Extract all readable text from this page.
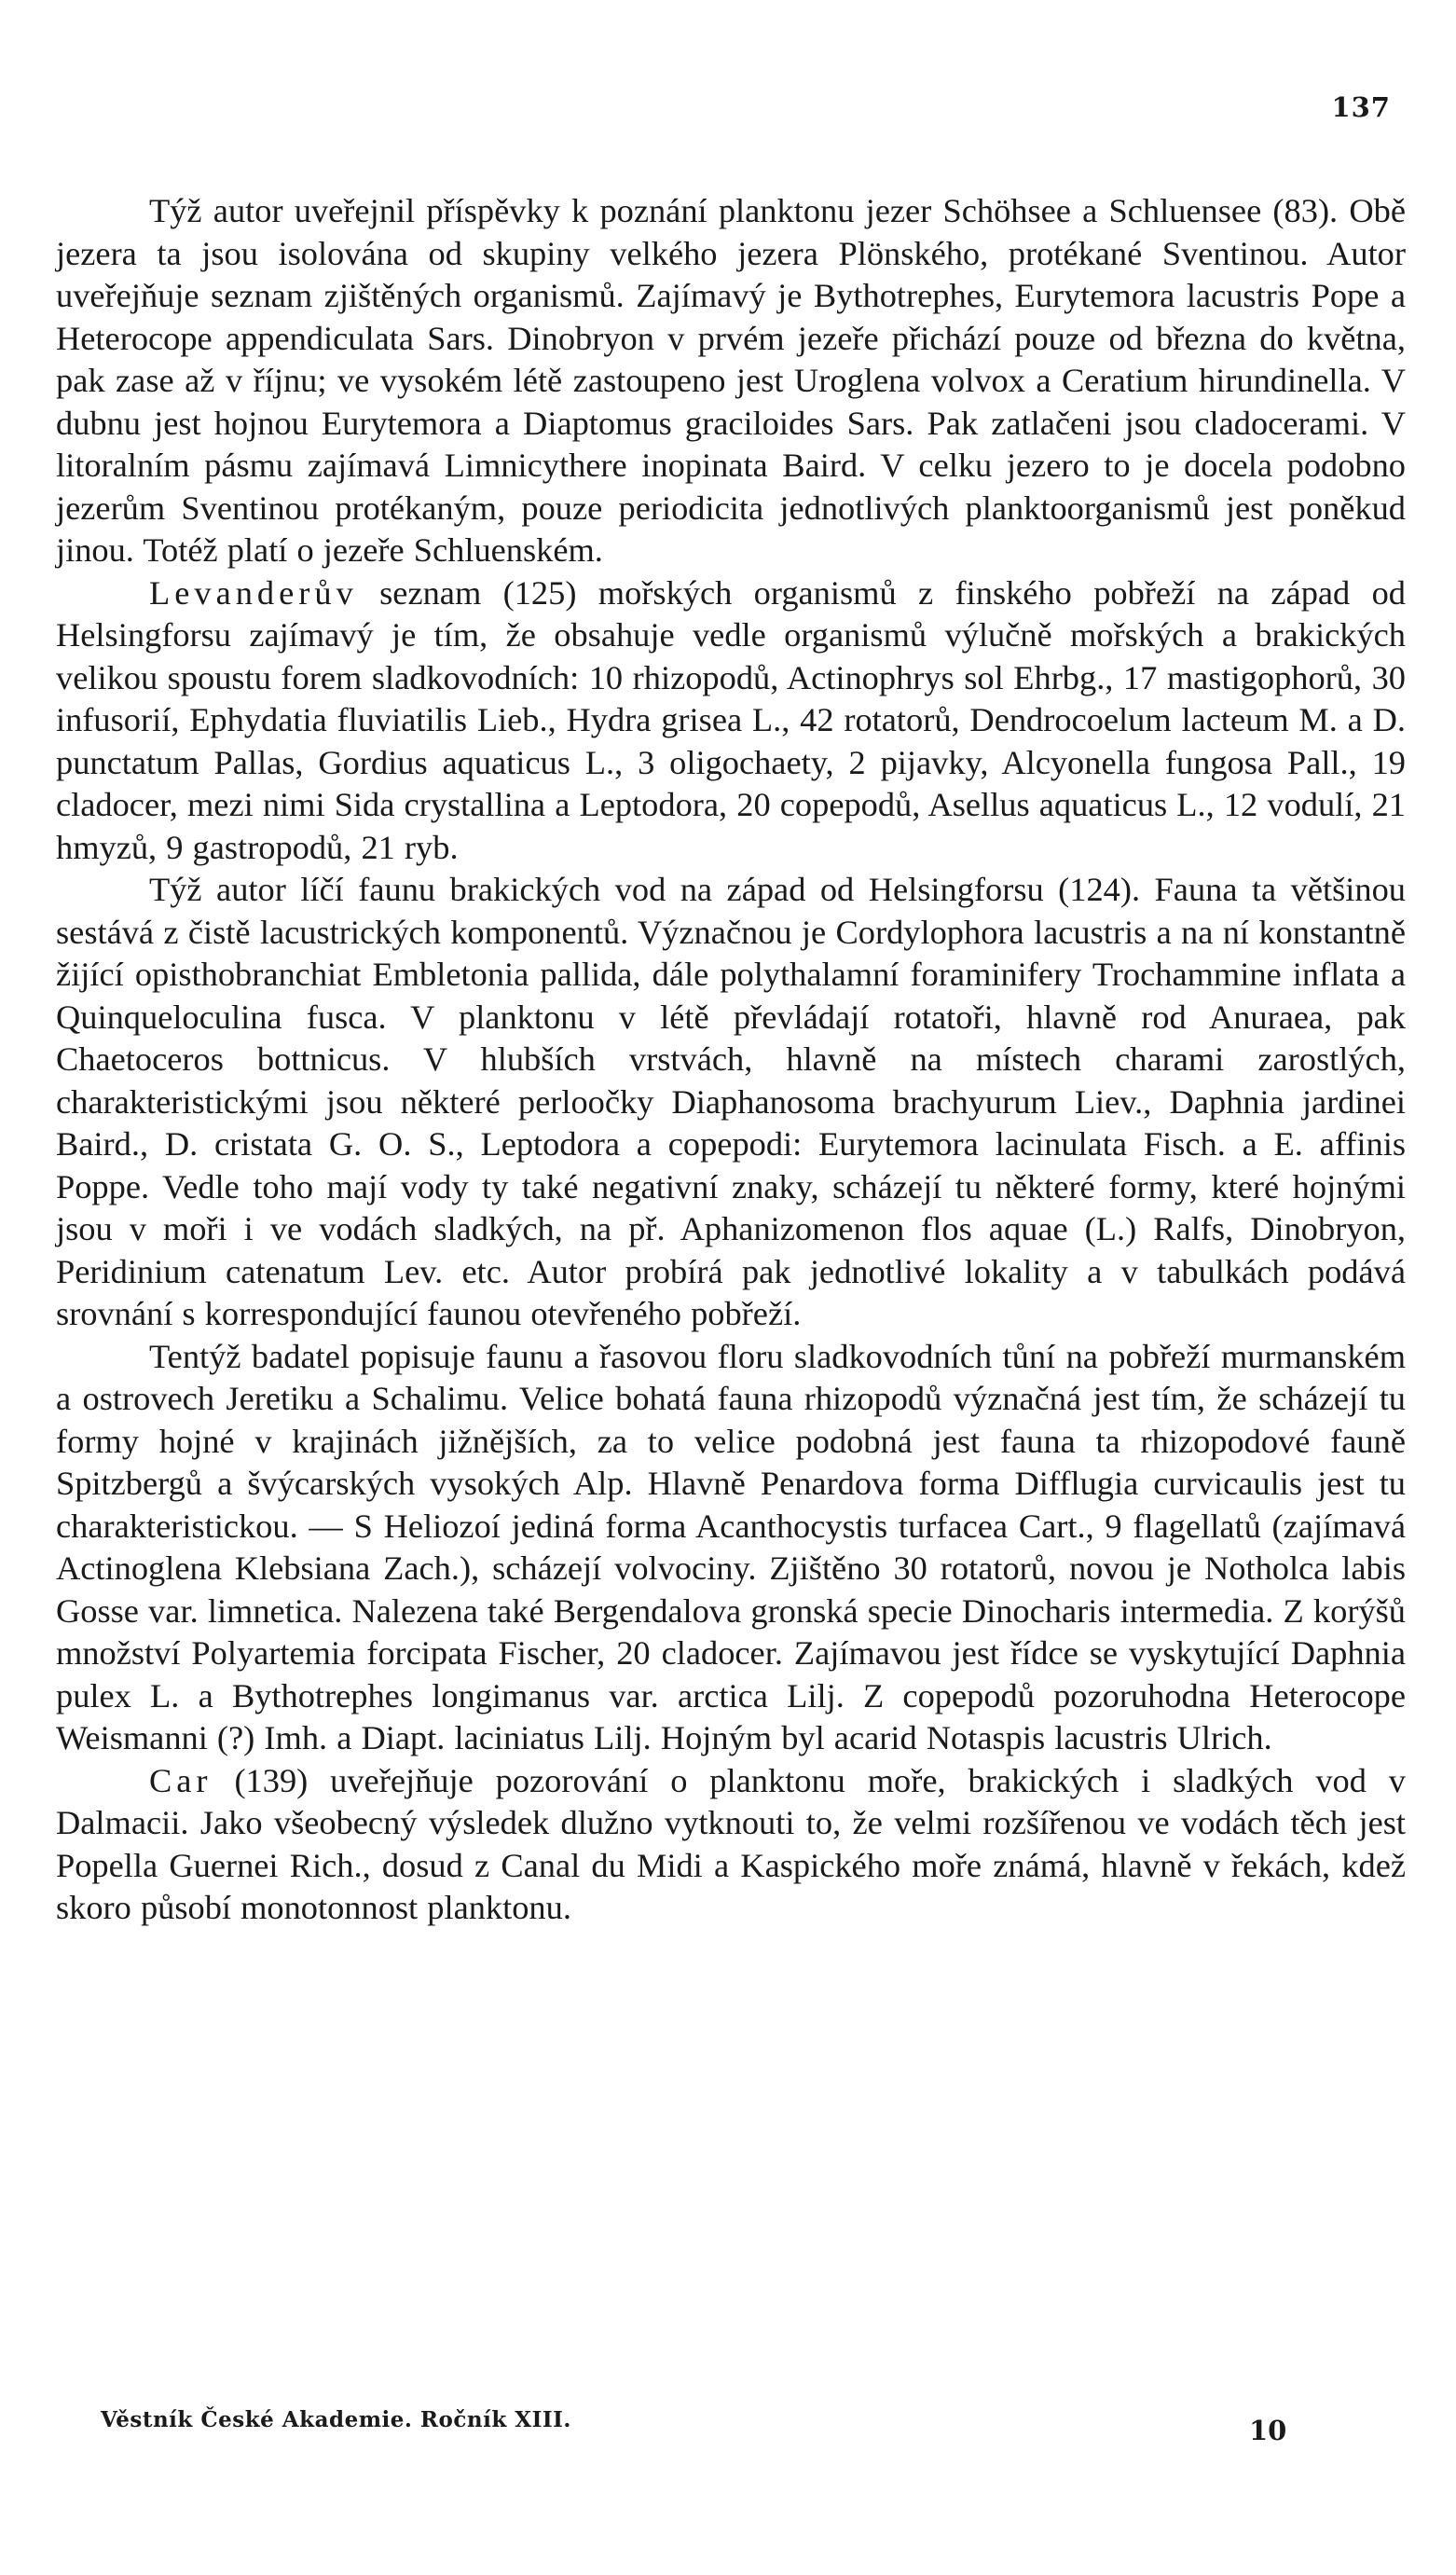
137

Týž autor uveřejnil příspěvky k poznání planktonu jezer Schöhsee a Schluensee (83). Obě jezera ta jsou isolována od skupiny velkého jezera Plönského, protékané Sventinou. Autor uveřejňuje seznam zjištěných organismů. Zajímavý je Bythotrephes, Eurytemora lacustris Pope a Heterocope appendiculata Sars. Dinobryon v prvém jezeře přichází pouze od března do května, pak zase až v říjnu; ve vysokém létě zastoupeno jest Uroglena volvox a Ceratium hirundinella. V dubnu jest hojnou Eurytemora a Diaptomus graciloides Sars. Pak zatlačeni jsou cladocerami. V litoralním pásmu zajímavá Limnicythere inopinata Baird. V celku jezero to je docela podobno jezerům Sventinou protékaným, pouze periodicita jednotlivých planktoorganismů jest poněkud jinou. Totéž platí o jezeře Schluenském.

Levanderův seznam (125) mořských organismů z finského pobřeží na západ od Helsingforsu zajímavý je tím, že obsahuje vedle organismů výlučně mořských a brakických velikou spoustu forem sladkovodních: 10 rhizopodů, Actinophrys sol Ehrbg., 17 mastigophorů, 30 infusorií, Ephydatia fluviatilis Lieb., Hydra grisea L., 42 rotatorů, Dendrocoelum lacteum M. a D. punctatum Pallas, Gordius aquaticus L., 3 oligochaety, 2 pijavky, Alcyonella fungosa Pall., 19 cladocer, mezi nimi Sida crystallina a Leptodora, 20 copepodů, Asellus aquaticus L., 12 vodulí, 21 hmyzů, 9 gastropodů, 21 ryb.

Týž autor líčí faunu brakických vod na západ od Helsingforsu (124). Fauna ta většinou sestává z čistě lacustrických komponentů. Význačnou je Cordylophora lacustris a na ní konstantně žijící opisthobranchiat Embletonia pallida, dále polythalamní foraminifery Trochammine inflata a Quinqueloculina fusca. V planktonu v létě převládají rotatoři, hlavně rod Anuraea, pak Chaetoceros bottnicus. V hlubších vrstvách, hlavně na místech charami zarostlých, charakteristickými jsou některé perloočky Diaphanosoma brachyurum Liev., Daphnia jardinei Baird., D. cristata G. O. S., Leptodora a copepodi: Eurytemora lacinulata Fisch. a E. affinis Poppe. Vedle toho mají vody ty také negativní znaky, scházejí tu některé formy, které hojnými jsou v moři i ve vodách sladkých, na př. Aphanizomenon flos aquae (L.) Ralfs, Dinobryon, Peridinium catenatum Lev. etc. Autor probírá pak jednotlivé lokality a v tabulkách podává srovnání s korrespondující faunou otevřeného pobřeží.

Tentýž badatel popisuje faunu a řasovou floru sladkovodních tůní na pobřeží murmanském a ostrovech Jeretiku a Schalimu. Velice bohatá fauna rhizopodů význačná jest tím, že scházejí tu formy hojné v krajinách jižnějších, za to velice podobná jest fauna ta rhizopodové fauně Spitzbergů a švýcarských vysokých Alp. Hlavně Penardova forma Difflugia curvicaulis jest tu charakteristickou. — S Heliozoí jediná forma Acanthocystis turfacea Cart., 9 flagellatů (zajímavá Actinoglena Klebsiana Zach.), scházejí volvociny. Zjištěno 30 rotatorů, novou je Notholca labis Gosse var. limnetica. Nalezena také Bergendalova gronská specie Dinocharis intermedia. Z korýšů množství Polyartemia forcipata Fischer, 20 cladocer. Zajímavou jest řídce se vyskytující Daphnia pulex L. a Bythotrephes longimanus var. arctica Lilj. Z copepodů pozoruhodna Heterocope Weismanni (?) Imh. a Diapt. laciniatus Lilj. Hojným byl acarid Notaspis lacustris Ulrich.

Car (139) uveřejňuje pozorování o planktonu moře, brakických i sladkých vod v Dalmacii. Jako všeobecný výsledek dlužno vytknouti to, že velmi rozšířenou ve vodách těch jest Popella Guernei Rich., dosud z Canal du Midi a Kaspického moře známá, hlavně v řekách, kdež skoro působí monotonnost planktonu.

Věstník České Akademie. Ročník XIII.	10
